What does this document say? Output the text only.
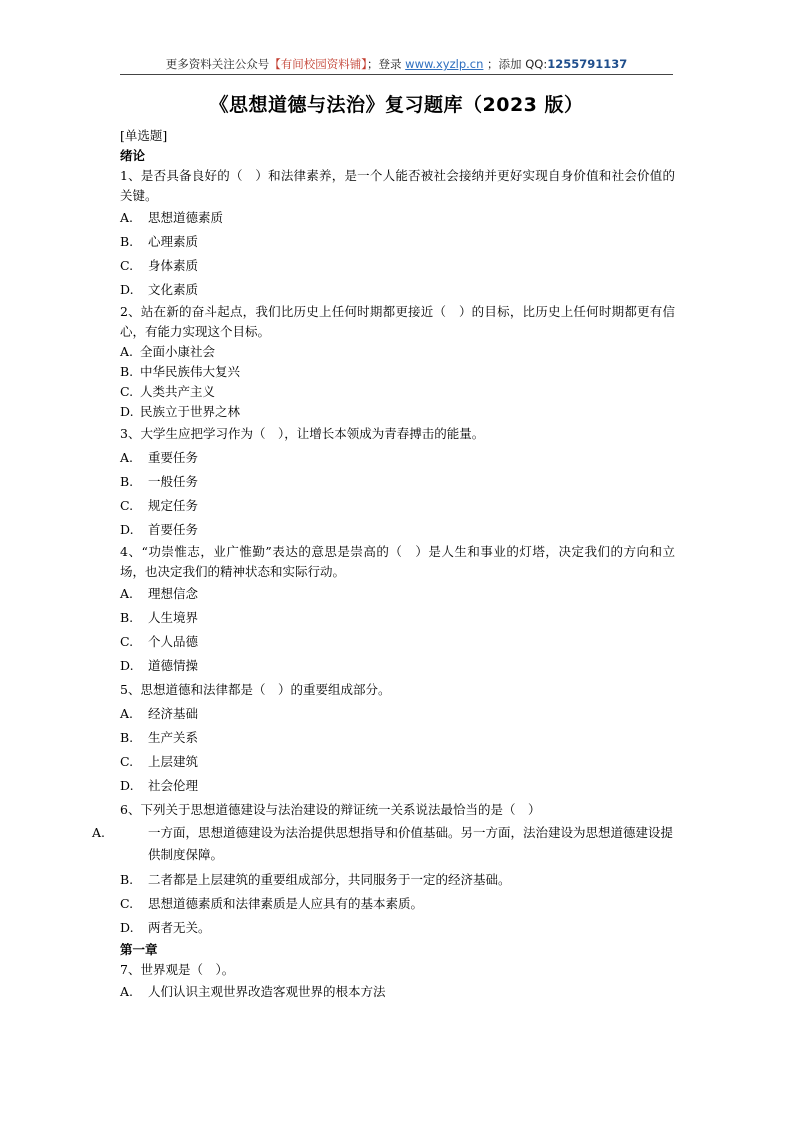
更多资料关注公众号【有间校园资料铺】；登录 www.xyzlp.cn ；添加 QQ:1255791137
《思想道德与法治》复习题库（2023 版）
[单选题]
绪论
1、是否具备良好的（　）和法律素养，是一个人能否被社会接纳并更好实现自身价值和社会价值的关键。
A. 思想道德素质
B. 心理素质
C. 身体素质
D. 文化素质
2、站在新的奋斗起点，我们比历史上任何时期都更接近（　）的目标，比历史上任何时期都更有信心，有能力实现这个目标。
A. 全面小康社会
B. 中华民族伟大复兴
C. 人类共产主义
D. 民族立于世界之林
3、大学生应把学习作为（　），让增长本领成为青春搏击的能量。
A. 重要任务
B. 一般任务
C. 规定任务
D. 首要任务
4、“功崇惟志，业广惟勤”表达的意思是崇高的（　）是人生和事业的灯塔，决定我们的方向和立场，也决定我们的精神状态和实际行动。
A. 理想信念
B. 人生境界
C. 个人品德
D. 道德情操
5、思想道德和法律都是（　）的重要组成部分。
A. 经济基础
B. 生产关系
C. 上层建筑
D. 社会伦理
6、下列关于思想道德建设与法治建设的辩证统一关系说法最恰当的是（　）
A.	一方面，思想道德建设为法治提供思想指导和价值基础。另一方面，法治建设为思想道德建设提供制度保障。
B. 二者都是上层建筑的重要组成部分，共同服务于一定的经济基础。
C. 思想道德素质和法律素质是人应具有的基本素质。
D. 两者无关。
第一章
7、世界观是（　）。
A. 人们认识主观世界改造客观世界的根本方法
